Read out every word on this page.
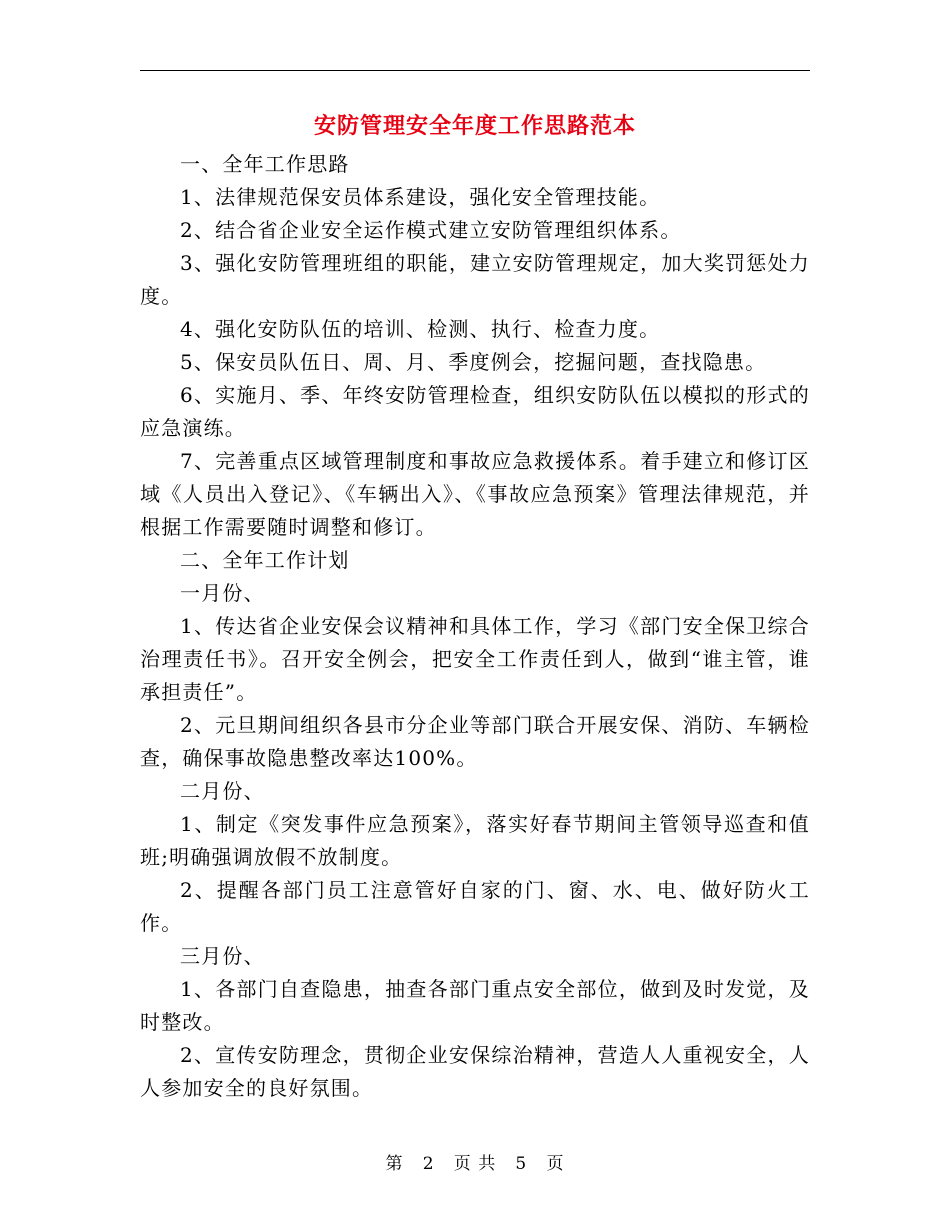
安防管理安全年度工作思路范本

一、全年工作思路

1、法律规范保安员体系建设，强化安全管理技能。

2、结合省企业安全运作模式建立安防管理组织体系。

3、强化安防管理班组的职能，建立安防管理规定，加大奖罚惩处力度。

4、强化安防队伍的培训、检测、执行、检查力度。

5、保安员队伍日、周、月、季度例会，挖掘问题，查找隐患。

6、实施月、季、年终安防管理检查，组织安防队伍以模拟的形式的应急演练。

7、完善重点区域管理制度和事故应急救援体系。着手建立和修订区域《人员出入登记》、《车辆出入》、《事故应急预案》管理法律规范，并根据工作需要随时调整和修订。

二、全年工作计划

一月份、

1、传达省企业安保会议精神和具体工作，学习《部门安全保卫综合治理责任书》。召开安全例会，把安全工作责任到人，做到“谁主管，谁承担责任”。

2、元旦期间组织各县市分企业等部门联合开展安保、消防、车辆检查，确保事故隐患整改率达100%。

二月份、

1、制定《突发事件应急预案》，落实好春节期间主管领导巡查和值班;明确强调放假不放制度。

2、提醒各部门员工注意管好自家的门、窗、水、电、做好防火工作。

三月份、

1、各部门自查隐患，抽查各部门重点安全部位，做到及时发觉，及时整改。

2、宣传安防理念，贯彻企业安保综治精神，营造人人重视安全，人人参加安全的良好氛围。

第 2 页 共 5 页
